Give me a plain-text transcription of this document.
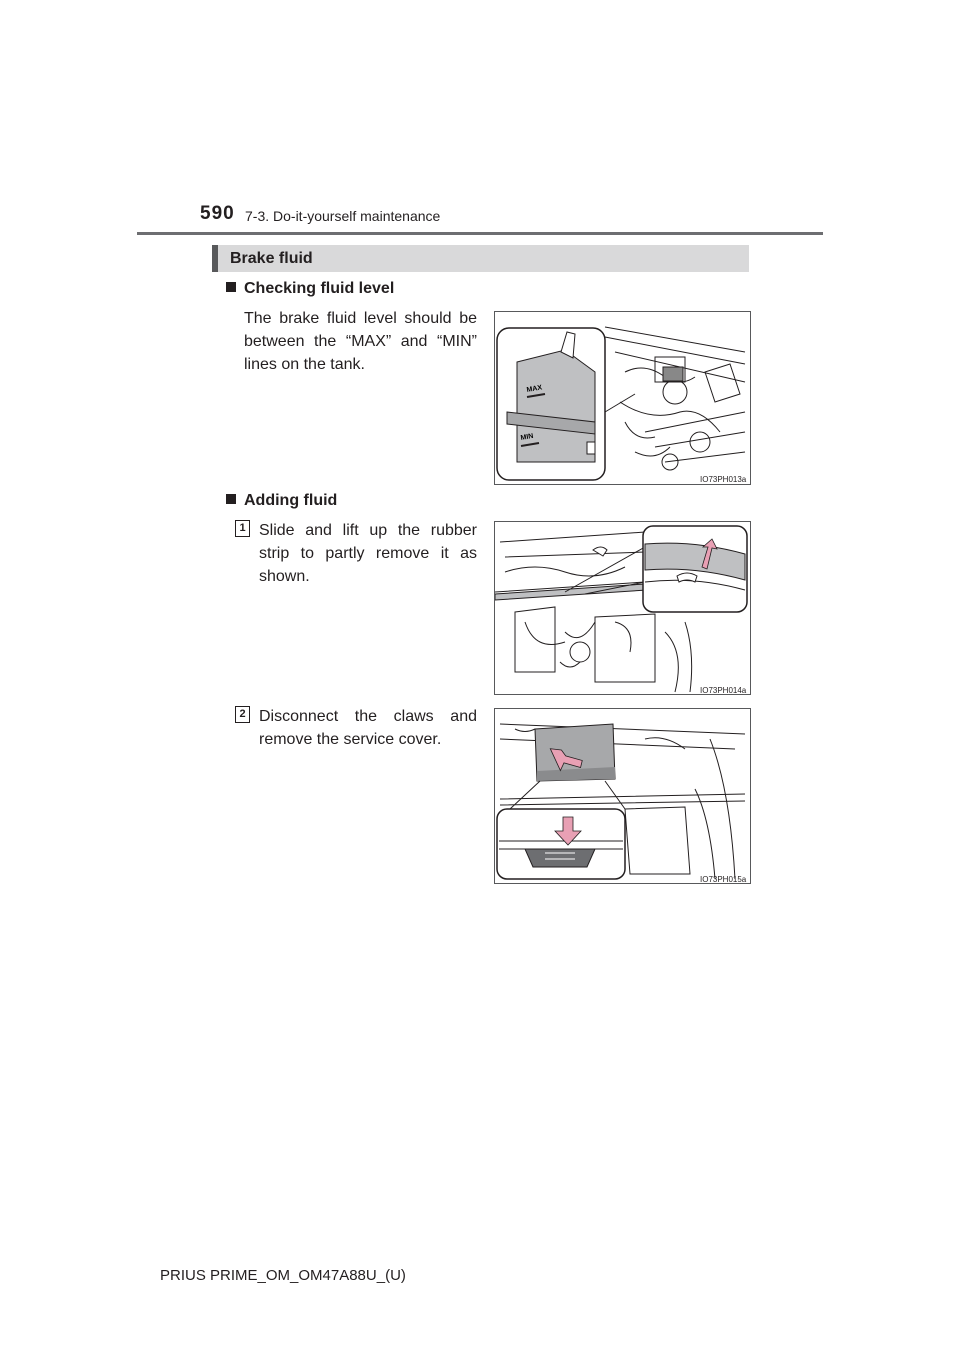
590 7-3. Do-it-yourself maintenance
Brake fluid
Checking fluid level
The brake fluid level should be between the “MAX” and “MIN” lines on the tank.
MAX
MIN
IO73PH013a
Adding fluid
1 Slide and lift up the rubber strip to partly remove it as shown.
IO73PH014a
2 Disconnect the claws and remove the service cover.
IO73PH015a
PRIUS PRIME_OM_OM47A88U_(U)
